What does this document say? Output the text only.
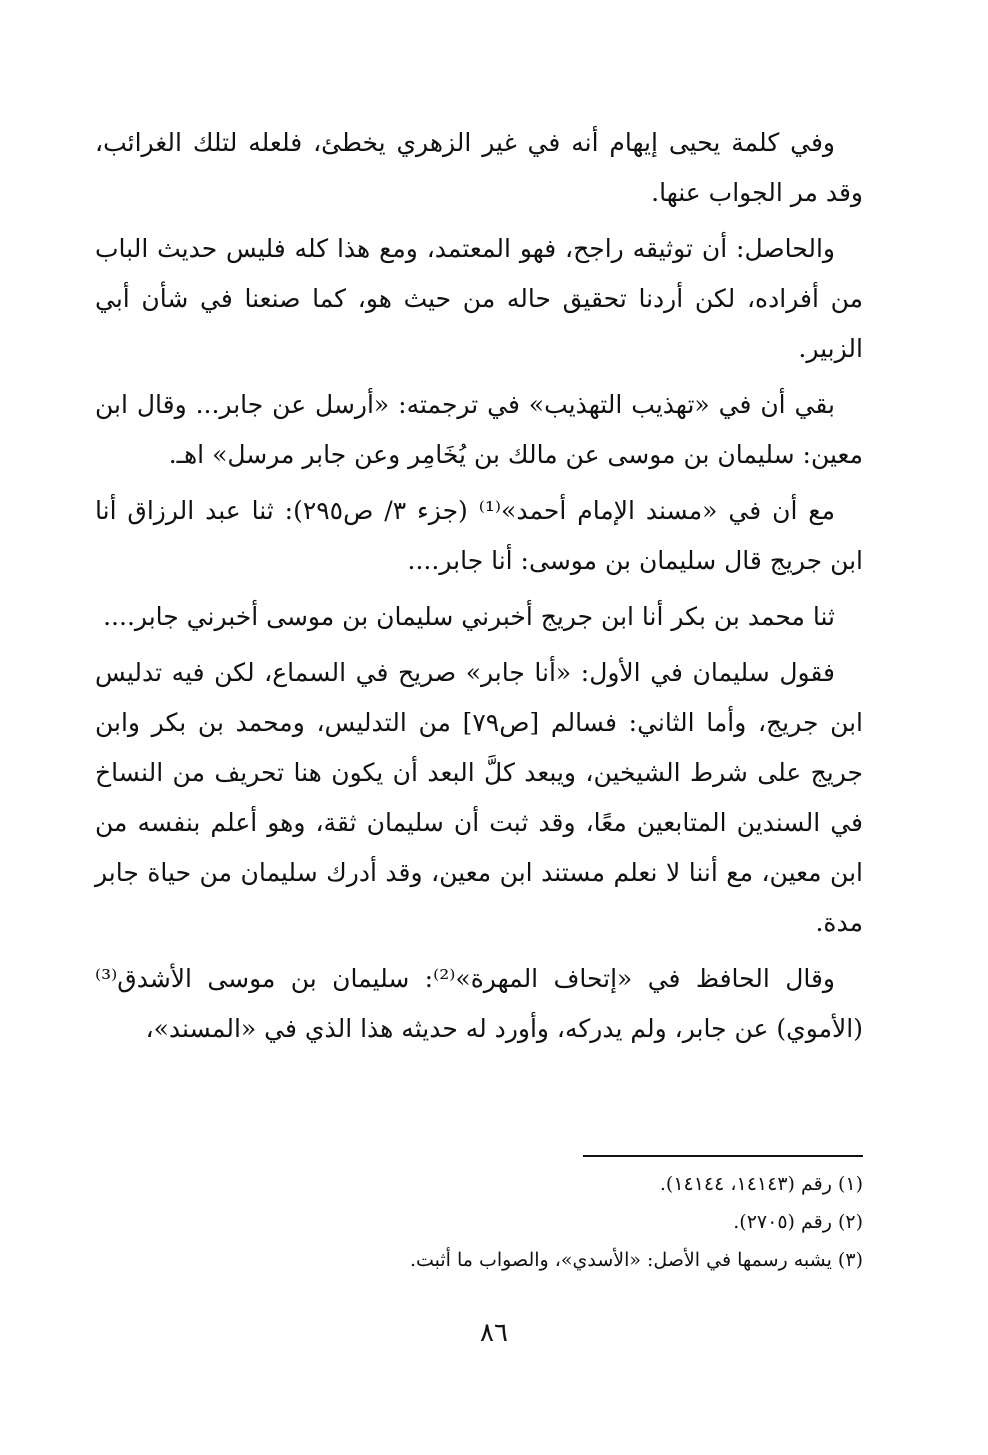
وفي كلمة يحيى إيهام أنه في غير الزهري يخطئ، فلعله لتلك الغرائب، وقد مر الجواب عنها.

والحاصل: أن توثيقه راجح، فهو المعتمد، ومع هذا كله فليس حديث الباب من أفراده، لكن أردنا تحقيق حاله من حيث هو، كما صنعنا في شأن أبي الزبير.

بقي أن في «تهذيب التهذيب» في ترجمته: «أرسل عن جابر... وقال ابن معين: سليمان بن موسى عن مالك بن يُخَامِر وعن جابر مرسل» اهـ.

مع أن في «مسند الإمام أحمد»⁽¹⁾ (جزء ٣/ ص٢٩٥): ثنا عبد الرزاق أنا ابن جريج قال سليمان بن موسى: أنا جابر....

ثنا محمد بن بكر أنا ابن جريج أخبرني سليمان بن موسى أخبرني جابر....

فقول سليمان في الأول: «أنا جابر» صريح في السماع، لكن فيه تدليس ابن جريج، وأما الثاني: فسالم [ص٧٩] من التدليس، ومحمد بن بكر وابن جريج على شرط الشيخين، ويبعد كلَّ البعد أن يكون هنا تحريف من النساخ في السندين المتابعين معًا، وقد ثبت أن سليمان ثقة، وهو أعلم بنفسه من ابن معين، مع أننا لا نعلم مستند ابن معين، وقد أدرك سليمان من حياة جابر مدة.

وقال الحافظ في «إتحاف المهرة»⁽²⁾: سليمان بن موسى الأشدق⁽³⁾ (الأموي) عن جابر، ولم يدركه، وأورد له حديثه هذا الذي في «المسند»،

(١) رقم (١٤١٤٣، ١٤١٤٤).

(٢) رقم (٢٧٠٥).

(٣) يشبه رسمها في الأصل: «الأسدي»، والصواب ما أثبت.

٨٦
